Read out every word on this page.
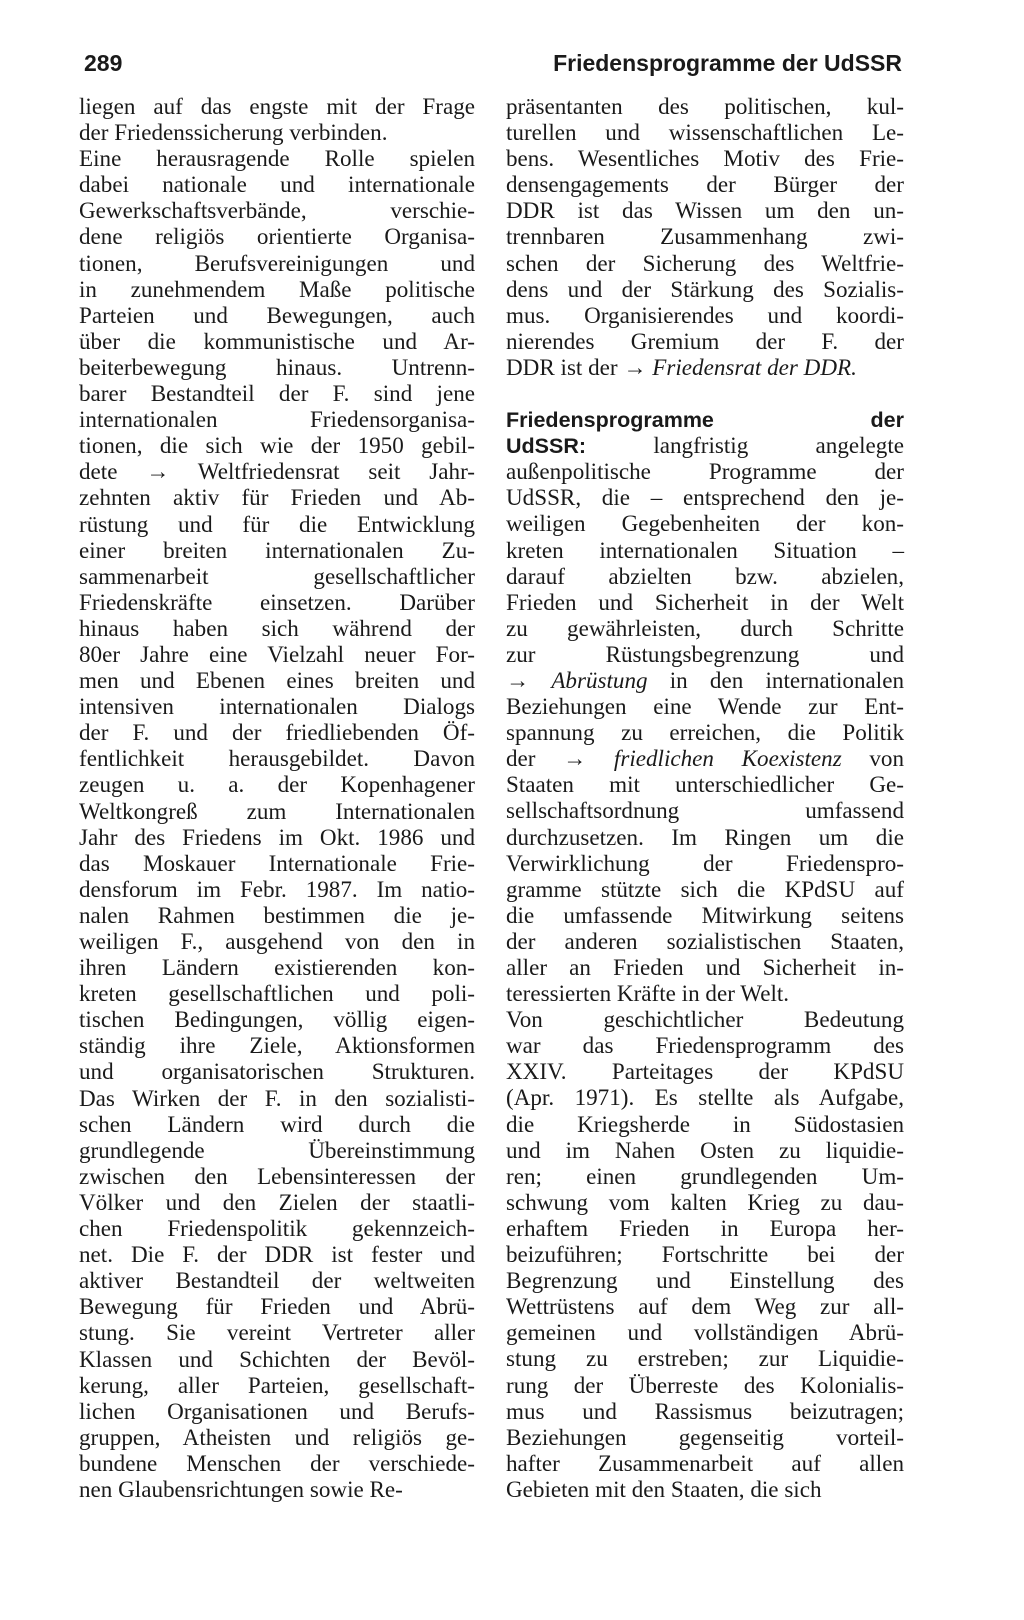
289	Friedensprogramme der UdSSR
liegen auf das engste mit der Frage
der Friedenssicherung verbinden.
Eine herausragende Rolle spielen
dabei nationale und internationale
Gewerkschaftsverbände, verschie-
dene religiös orientierte Organisa-
tionen, Berufsvereinigungen und
in zunehmendem Maße politische
Parteien und Bewegungen, auch
über die kommunistische und Ar-
beiterbewegung hinaus. Untrenn-
barer Bestandteil der F. sind jene
internationalen Friedensorganisa-
tionen, die sich wie der 1950 gebil-
dete → Weltfriedensrat seit Jahr-
zehnten aktiv für Frieden und Ab-
rüstung und für die Entwicklung
einer breiten internationalen Zu-
sammenarbeit gesellschaftlicher
Friedenskräfte einsetzen. Darüber
hinaus haben sich während der
80er Jahre eine Vielzahl neuer For-
men und Ebenen eines breiten und
intensiven internationalen Dialogs
der F. und der friedliebenden Öf-
fentlichkeit herausgebildet. Davon
zeugen u. a. der Kopenhagener
Weltkongreß zum Internationalen
Jahr des Friedens im Okt. 1986 und
das Moskauer Internationale Frie-
densforum im Febr. 1987. Im natio-
nalen Rahmen bestimmen die je-
weiligen F., ausgehend von den in
ihren Ländern existierenden kon-
kreten gesellschaftlichen und poli-
tischen Bedingungen, völlig eigen-
ständig ihre Ziele, Aktionsformen
und organisatorischen Strukturen.
Das Wirken der F. in den sozialisti-
schen Ländern wird durch die
grundlegende Übereinstimmung
zwischen den Lebensinteressen der
Völker und den Zielen der staatli-
chen Friedenspolitik gekennzeich-
net. Die F. der DDR ist fester und
aktiver Bestandteil der weltweiten
Bewegung für Frieden und Abrü-
stung. Sie vereint Vertreter aller
Klassen und Schichten der Bevöl-
kerung, aller Parteien, gesellschaft-
lichen Organisationen und Berufs-
gruppen, Atheisten und religiös ge-
bundene Menschen der verschiede-
nen Glaubensrichtungen sowie Re-
präsentanten des politischen, kul-
turellen und wissenschaftlichen Le-
bens. Wesentliches Motiv des Frie-
densengagements der Bürger der
DDR ist das Wissen um den un-
trennbaren Zusammenhang zwi-
schen der Sicherung des Weltfrie-
dens und der Stärkung des Sozialis-
mus. Organisierendes und koordi-
nierendes Gremium der F. der
DDR ist der → Friedensrat der DDR.
Friedensprogramme	der
UdSSR: langfristig angelegte
außenpolitische Programme der
UdSSR, die – entsprechend den je-
weiligen Gegebenheiten der kon-
kreten internationalen Situation –
darauf abzielten bzw. abzielen,
Frieden und Sicherheit in der Welt
zu gewährleisten, durch Schritte
zur Rüstungsbegrenzung und
→ Abrüstung in den internationalen
Beziehungen eine Wende zur Ent-
spannung zu erreichen, die Politik
der → friedlichen Koexistenz von
Staaten mit unterschiedlicher Ge-
sellschaftsordnung umfassend
durchzusetzen. Im Ringen um die
Verwirklichung der Friedenspro-
gramme stützte sich die KPdSU auf
die umfassende Mitwirkung seitens
der anderen sozialistischen Staaten,
aller an Frieden und Sicherheit in-
teressierten Kräfte in der Welt.
Von geschichtlicher Bedeutung
war das Friedensprogramm des
XXIV. Parteitages der KPdSU
(Apr. 1971). Es stellte als Aufgabe,
die Kriegsherde in Südostasien
und im Nahen Osten zu liquidie-
ren; einen grundlegenden Um-
schwung vom kalten Krieg zu dau-
erhaftem Frieden in Europa her-
beizuführen; Fortschritte bei der
Begrenzung und Einstellung des
Wettrüstens auf dem Weg zur all-
gemeinen und vollständigen Abrü-
stung zu erstreben; zur Liquidie-
rung der Überreste des Kolonialis-
mus und Rassismus beizutragen;
Beziehungen gegenseitig vorteil-
hafter Zusammenarbeit auf allen
Gebieten mit den Staaten, die sich
